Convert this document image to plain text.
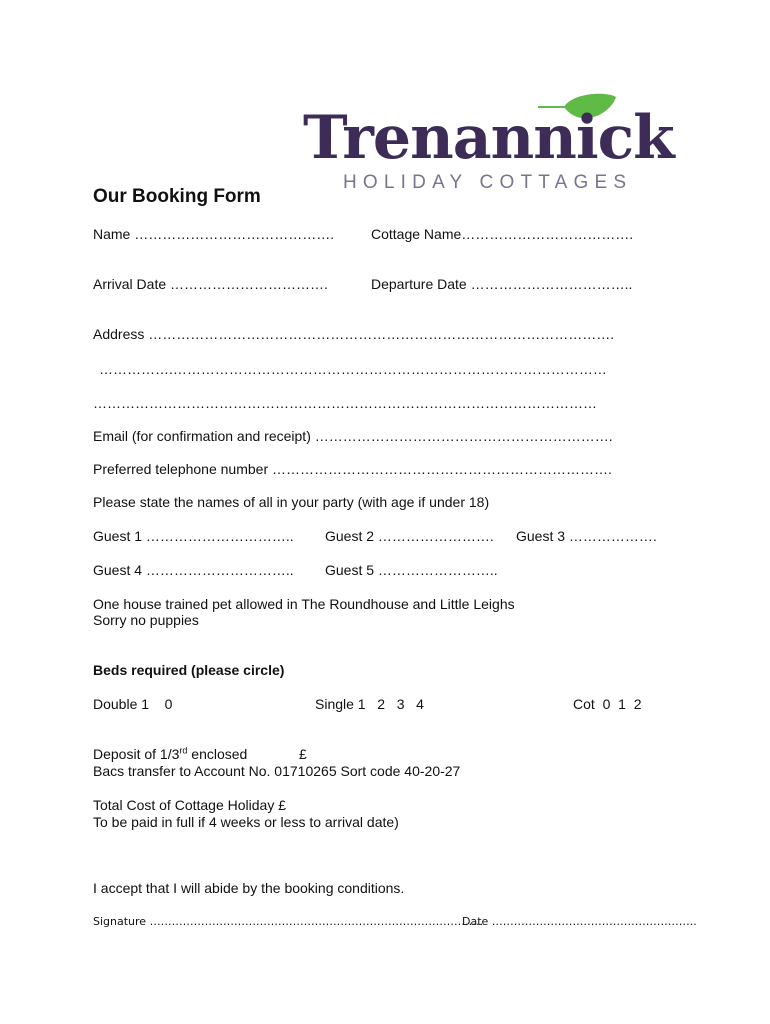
Trenannick
HOLIDAY COTTAGES
Our Booking Form
Name …………………………………….	Cottage Name……………………………….
Arrival Date …………………………….	Departure Date ……………………………..
Address ……………………………………………………………………………………….
…………….…………………………………………………………………………………
………………………………………………………………………………………………
Email (for confirmation and receipt) ……………………………………………………….
Preferred telephone number ……………………………………………………………….
Please state the names of all in your party (with age if under 18)
Guest 1 ………………………….. Guest 2 ……………………. Guest 3 ……………….
Guest 4 ………………………….. Guest 5 ……………………..
One house trained pet allowed in The Roundhouse and Little Leighs
Sorry no puppies
Beds required (please circle)
Double 1    0	Single 1   2   3   4	Cot  0  1  2
Deposit of 1/3rd enclosed	£
Bacs transfer to Account No. 01710265 Sort code 40-20-27
Total Cost of Cottage Holiday £
To be paid in full if 4 weeks or less to arrival date)
I accept that I will abide by the booking conditions.
Signature ……………………………………………………………………………….
Date ………………………………………………..
